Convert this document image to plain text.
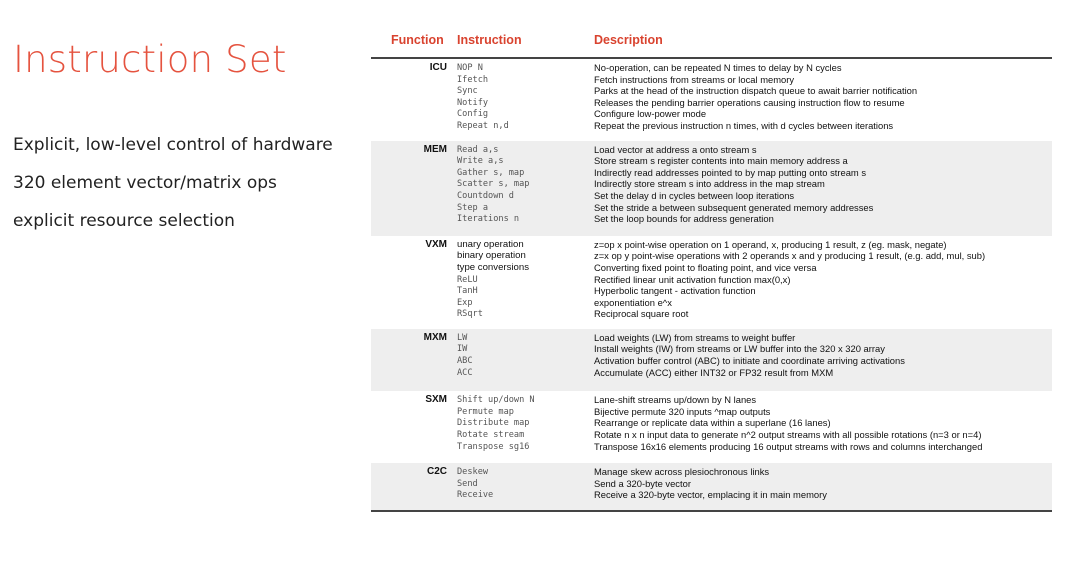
Instruction Set
Explicit, low-level control of hardware
320 element vector/matrix ops
explicit resource selection
Function Instruction	Description
ICU NOP N	No-operation, can be repeated N times to delay by N cycles
Ifetch	Fetch instructions from streams or local memory
Sync	Parks at the head of the instruction dispatch queue to await barrier notification
Notify	Releases the pending barrier operations causing instruction flow to resume
Config	Configure low-power mode
Repeat n,d	Repeat the previous instruction n times, with d cycles between iterations
MEM Read a,s	Load vector at address a onto stream s
Write a,s	Store stream s register contents into main memory address a
Gather s, map	Indirectly read addresses pointed to by map putting onto stream s
Scatter s, map	Indirectly store stream s into address in the map stream
Countdown d	Set the delay d in cycles between loop iterations
Step a	Set the stride a between subsequent generated memory addresses
Iterations n	Set the loop bounds for address generation
VXM unary operation	z=op x point-wise operation on 1 operand, x, producing 1 result, z (eg. mask, negate)
binary operation	z=x op y point-wise operations with 2 operands x and y producing 1 result, (e.g. add, mul, sub)
type conversions	Converting fixed point to floating point, and vice versa
ReLU	Rectified linear unit activation function max(0,x)
TanH	Hyperbolic tangent - activation function
Exp	exponentiation e^x
RSqrt	Reciprocal square root
MXM LW	Load weights (LW) from streams to weight buffer
IW	Install weights (IW) from streams or LW buffer into the 320 x 320 array
ABC	Activation buffer control (ABC) to initiate and coordinate arriving activations
ACC	Accumulate (ACC) either INT32 or FP32 result from MXM
SXM Shift up/down N	Lane-shift streams up/down by N lanes
Permute map	Bijective permute 320 inputs ^map outputs
Distribute map	Rearrange or replicate data within a superlane (16 lanes)
Rotate stream	Rotate n x n input data to generate n^2 output streams with all possible rotations (n=3 or n=4)
Transpose sg16	Transpose 16x16 elements producing 16 output streams with rows and columns interchanged
C2C Deskew	Manage skew across plesiochronous links
Send	Send a 320-byte vector
Receive	Receive a 320-byte vector, emplacing it in main memory
